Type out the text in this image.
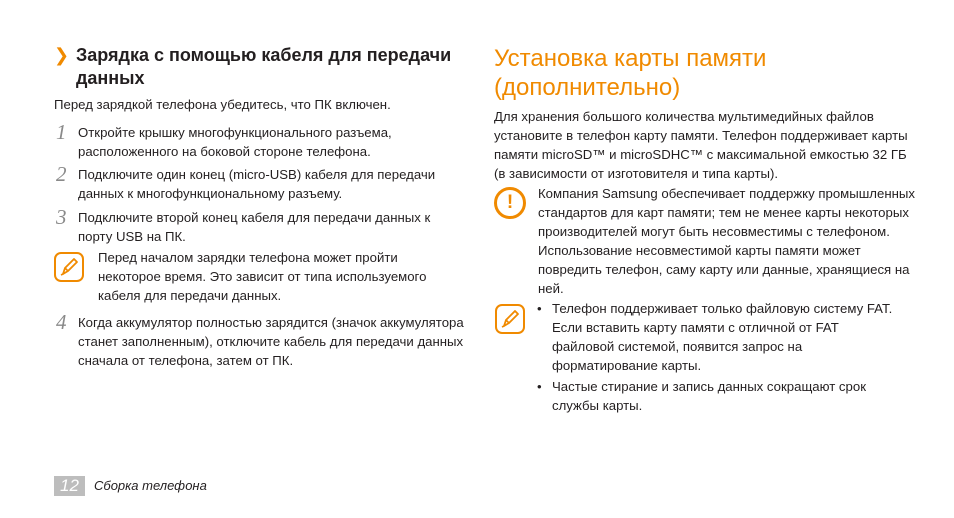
❯ Зарядка с помощью кабеля для передачи данных
Перед зарядкой телефона убедитесь, что ПК включен.
1 Откройте крышку многофункционального разъема, расположенного на боковой стороне телефона.
2 Подключите один конец (micro-USB) кабеля для передачи данных к многофункциональному разъему.
3 Подключите второй конец кабеля для передачи данных к порту USB на ПК.
Перед началом зарядки телефона может пройти некоторое время. Это зависит от типа используемого кабеля для передачи данных.
4 Когда аккумулятор полностью зарядится (значок аккумулятора станет заполненным), отключите кабель для передачи данных сначала от телефона, затем от ПК.
Установка карты памяти (дополнительно)
Для хранения большого количества мультимедийных файлов установите в телефон карту памяти. Телефон поддерживает карты памяти microSD™ и microSDHC™ с максимальной емкостью 32 ГБ (в зависимости от изготовителя и типа карты).
!	Компания Samsung обеспечивает поддержку промышленных стандартов для карт памяти; тем не менее карты некоторых производителей могут быть несовместимы с телефоном. Использование несовместимой карты памяти может повредить телефон, саму карту или данные, хранящиеся на ней.
• Телефон поддерживает только файловую систему FAT. Если вставить карту памяти с отличной от FAT файловой системой, появится запрос на форматирование карты.
• Частые стирание и запись данных сокращают срок службы карты.
12	Сборка телефона
